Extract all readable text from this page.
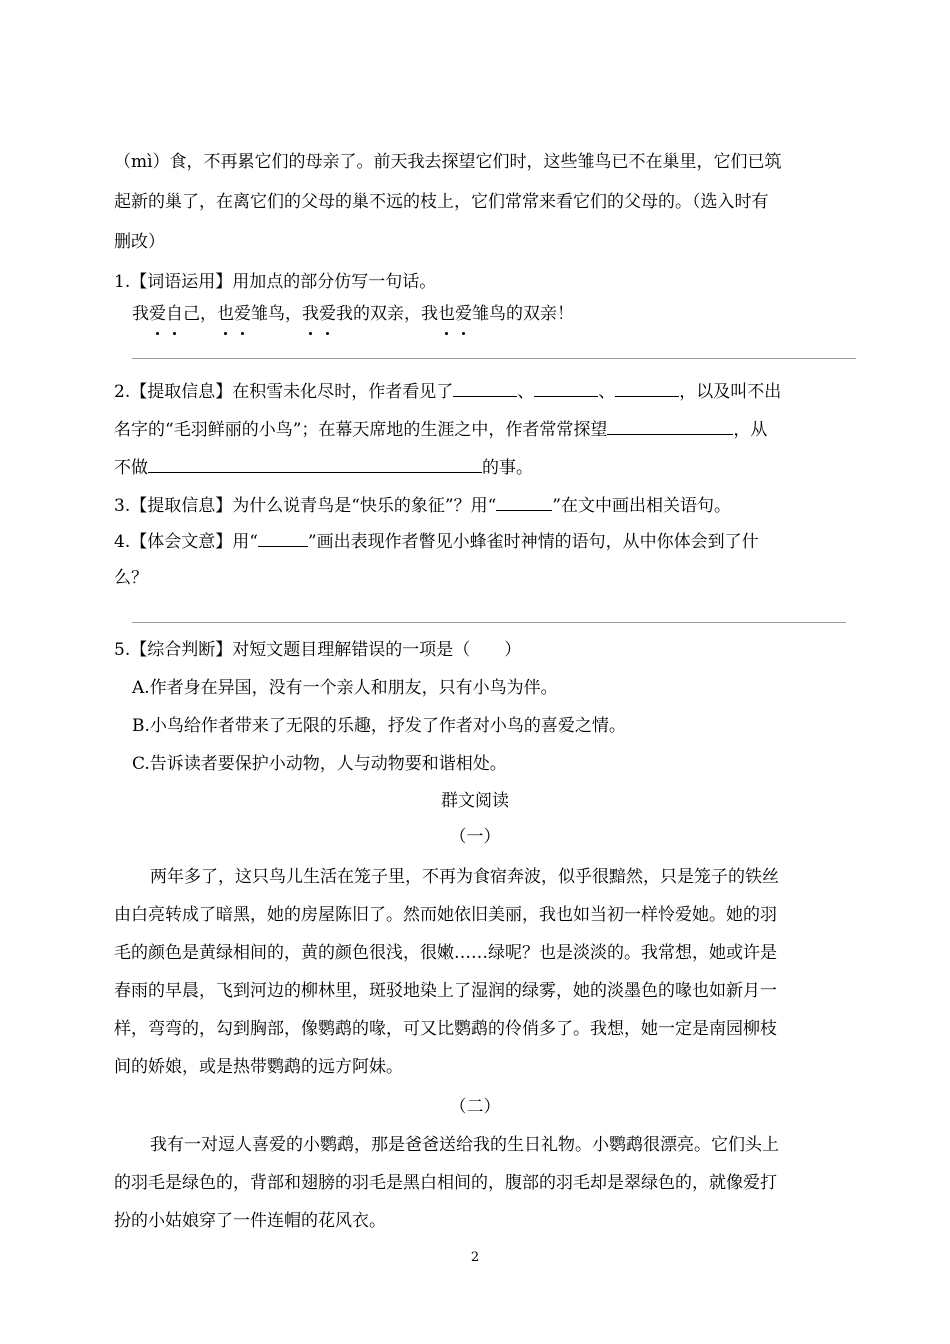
（mì）食，不再累它们的母亲了。前天我去探望它们时，这些雏鸟已不在巢里，它们已筑
起新的巢了，在离它们的父母的巢不远的枝上，它们常常来看它们的父母的。（选入时有
删改）
1.【词语运用】用加点的部分仿写一句话。
我爱自己，也爱雏鸟，我爱我的双亲，我也爱雏鸟的双亲！
2.【提取信息】在积雪未化尽时，作者看见了	、	、	，以及叫不出
名字的“毛羽鲜丽的小鸟”；在幕天席地的生涯之中，作者常常探望	，从
不做	的事。
3.【提取信息】为什么说青鸟是“快乐的象征”？用“	”在文中画出相关语句。
4.【体会文意】用“	”画出表现作者瞥见小蜂雀时神情的语句，从中你体会到了什
么？
5.【综合判断】对短文题目理解错误的一项是（　　）
A.作者身在异国，没有一个亲人和朋友，只有小鸟为伴。
B.小鸟给作者带来了无限的乐趣，抒发了作者对小鸟的喜爱之情。
C.告诉读者要保护小动物，人与动物要和谐相处。
群文阅读
（一）
两年多了，这只鸟儿生活在笼子里，不再为食宿奔波，似乎很黯然，只是笼子的铁丝
由白亮转成了暗黑，她的房屋陈旧了。然而她依旧美丽，我也如当初一样怜爱她。她的羽
毛的颜色是黄绿相间的，黄的颜色很浅，很嫩……绿呢？也是淡淡的。我常想，她或许是
春雨的早晨，飞到河边的柳林里，斑驳地染上了湿润的绿雾，她的淡墨色的喙也如新月一
样，弯弯的，勾到胸部，像鹦鹉的喙，可又比鹦鹉的伶俏多了。我想，她一定是南园柳枝
间的娇娘，或是热带鹦鹉的远方阿妹。
（二）
我有一对逗人喜爱的小鹦鹉，那是爸爸送给我的生日礼物。小鹦鹉很漂亮。它们头上
的羽毛是绿色的，背部和翅膀的羽毛是黑白相间的，腹部的羽毛却是翠绿色的，就像爱打
扮的小姑娘穿了一件连帽的花风衣。
2
